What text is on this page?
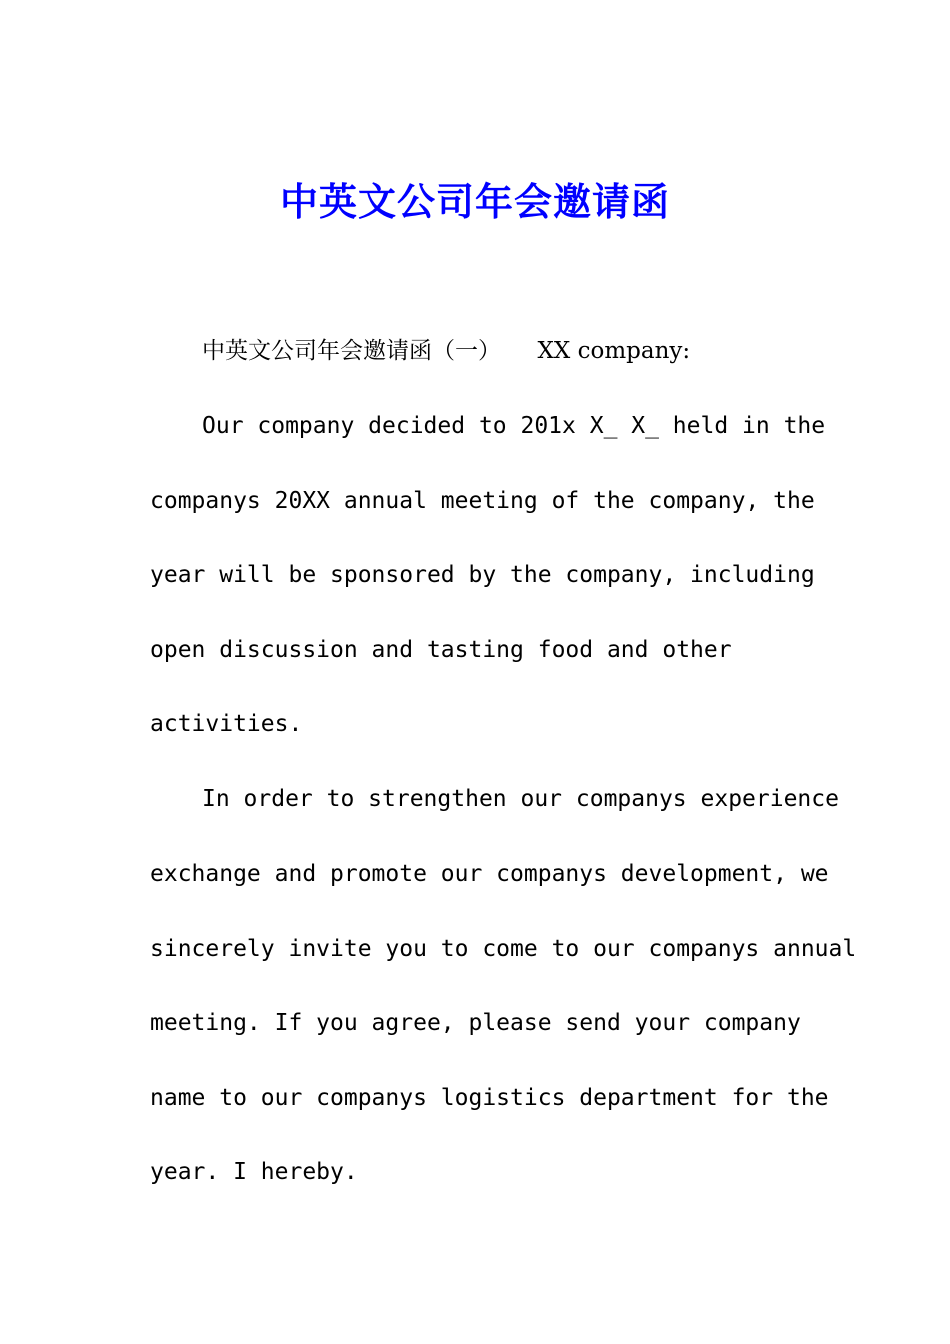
中英文公司年会邀请函

中英文公司年会邀请函（一）     XX company:

Our company decided to 201x X_ X_ held in the

companys 20XX annual meeting of the company, the

year will be sponsored by the company, including

open discussion and tasting food and other

activities.

In order to strengthen our companys experience

exchange and promote our companys development, we

sincerely invite you to come to our companys annual

meeting. If you agree, please send your company

name to our companys logistics department for the

year. I hereby.
